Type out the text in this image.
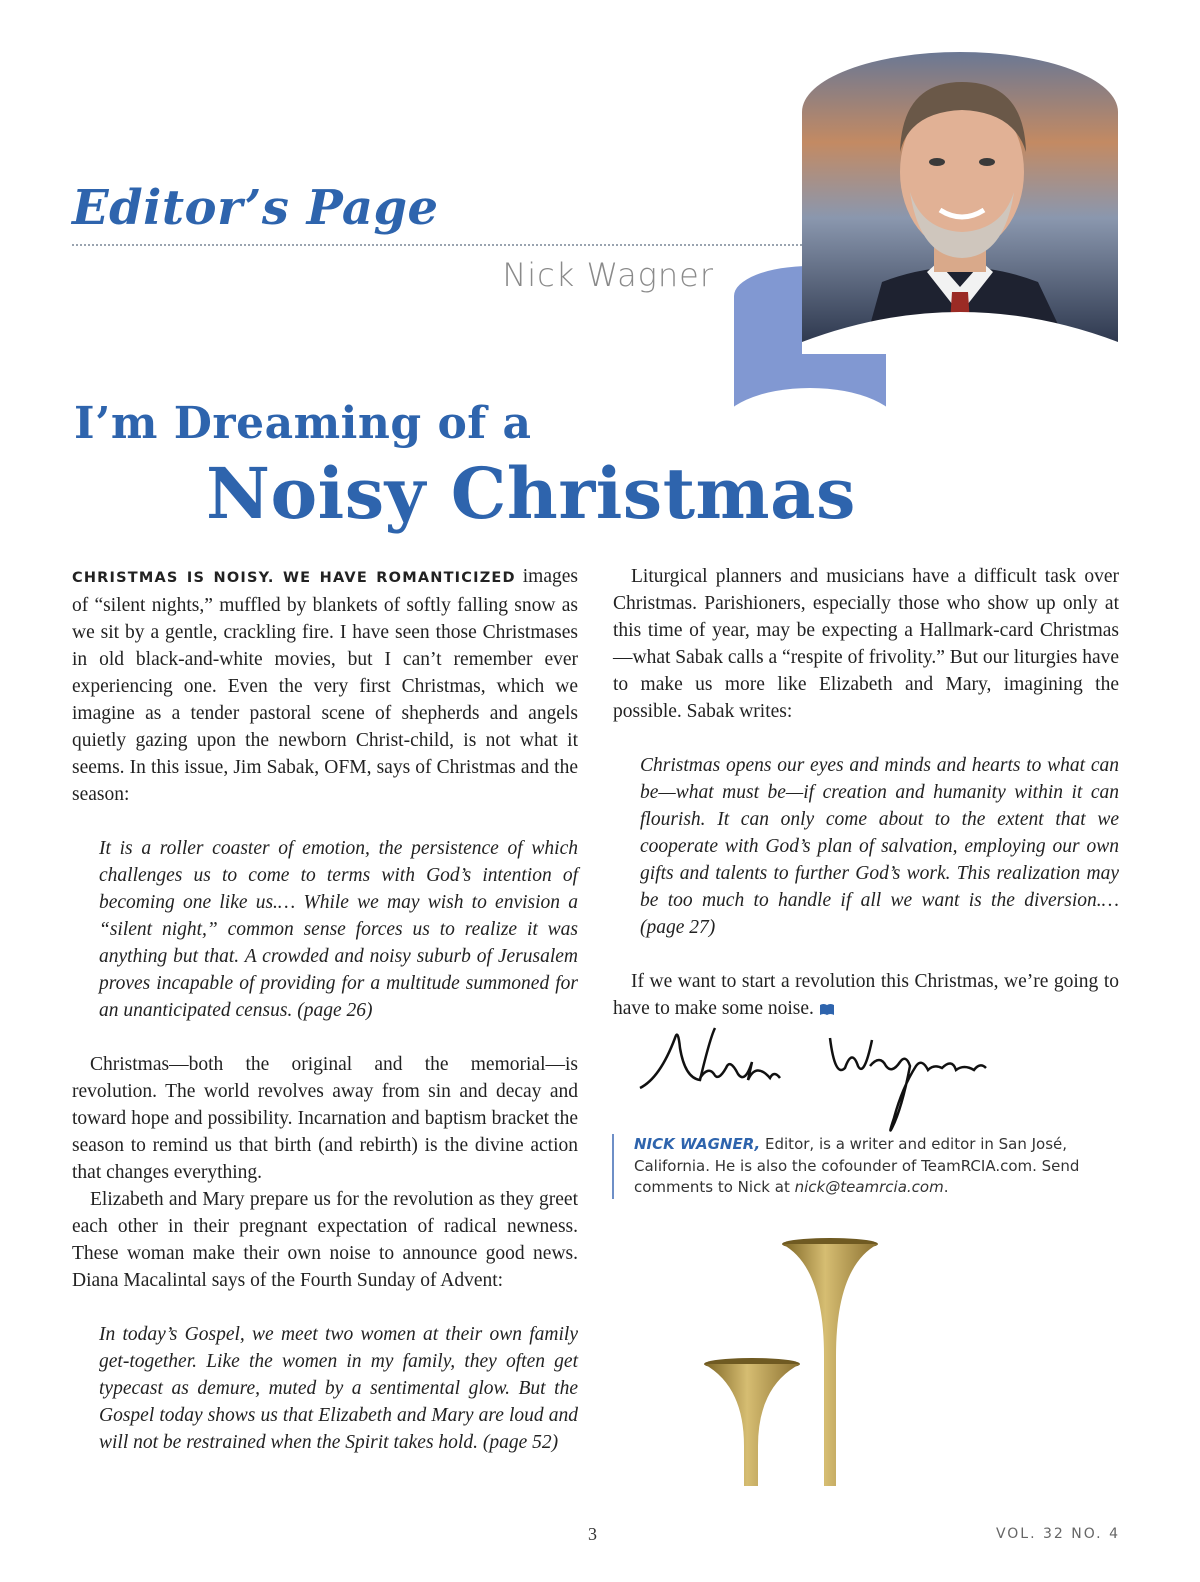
Editor’s Page
Nick Wagner
I’m Dreaming of a
Noisy Christmas

CHRISTMAS IS NOISY. WE HAVE ROMANTICIZED images of “silent nights,” muffled by blankets of softly falling snow as we sit by a gentle, crackling fire. I have seen those Christmases in old black-and-white movies, but I can’t remember ever experiencing one. Even the very first Christmas, which we imagine as a tender pastoral scene of shepherds and angels quietly gazing upon the newborn Christ-child, is not what it seems. In this issue, Jim Sabak, OFM, says of Christmas and the season:

It is a roller coaster of emotion, the persistence of which challenges us to come to terms with God’s intention of becoming one like us.… While we may wish to envision a “silent night,” common sense forces us to realize it was anything but that. A crowded and noisy suburb of Jerusalem proves incapable of providing for a multitude summoned for an unanticipated census. (page 26)

Christmas—both the original and the memorial—is revolution. The world revolves away from sin and decay and toward hope and possibility. Incarnation and baptism bracket the season to remind us that birth (and rebirth) is the divine action that changes everything.

Elizabeth and Mary prepare us for the revolution as they greet each other in their pregnant expectation of radical newness. These woman make their own noise to announce good news. Diana Macalintal says of the Fourth Sunday of Advent:

In today’s Gospel, we meet two women at their own family get-together. Like the women in my family, they often get typecast as demure, muted by a sentimental glow. But the Gospel today shows us that Elizabeth and Mary are loud and will not be restrained when the Spirit takes hold. (page 52)

Liturgical planners and musicians have a difficult task over Christmas. Parishioners, especially those who show up only at this time of year, may be expecting a Hallmark-card Christmas—what Sabak calls a “respite of frivolity.” But our liturgies have to make us more like Elizabeth and Mary, imagining the possible. Sabak writes:

Christmas opens our eyes and minds and hearts to what can be—what must be—if creation and humanity within it can flourish. It can only come about to the extent that we cooperate with God’s plan of salvation, employing our own gifts and talents to further God’s work. This realization may be too much to handle if all we want is the diversion.… (page 27)

If we want to start a revolution this Christmas, we’re going to have to make some noise.

NICK WAGNER, Editor, is a writer and editor in San José, California. He is also the cofounder of TeamRCIA.com. Send comments to Nick at nick@teamrcia.com.
3	VOL. 32 NO. 4
